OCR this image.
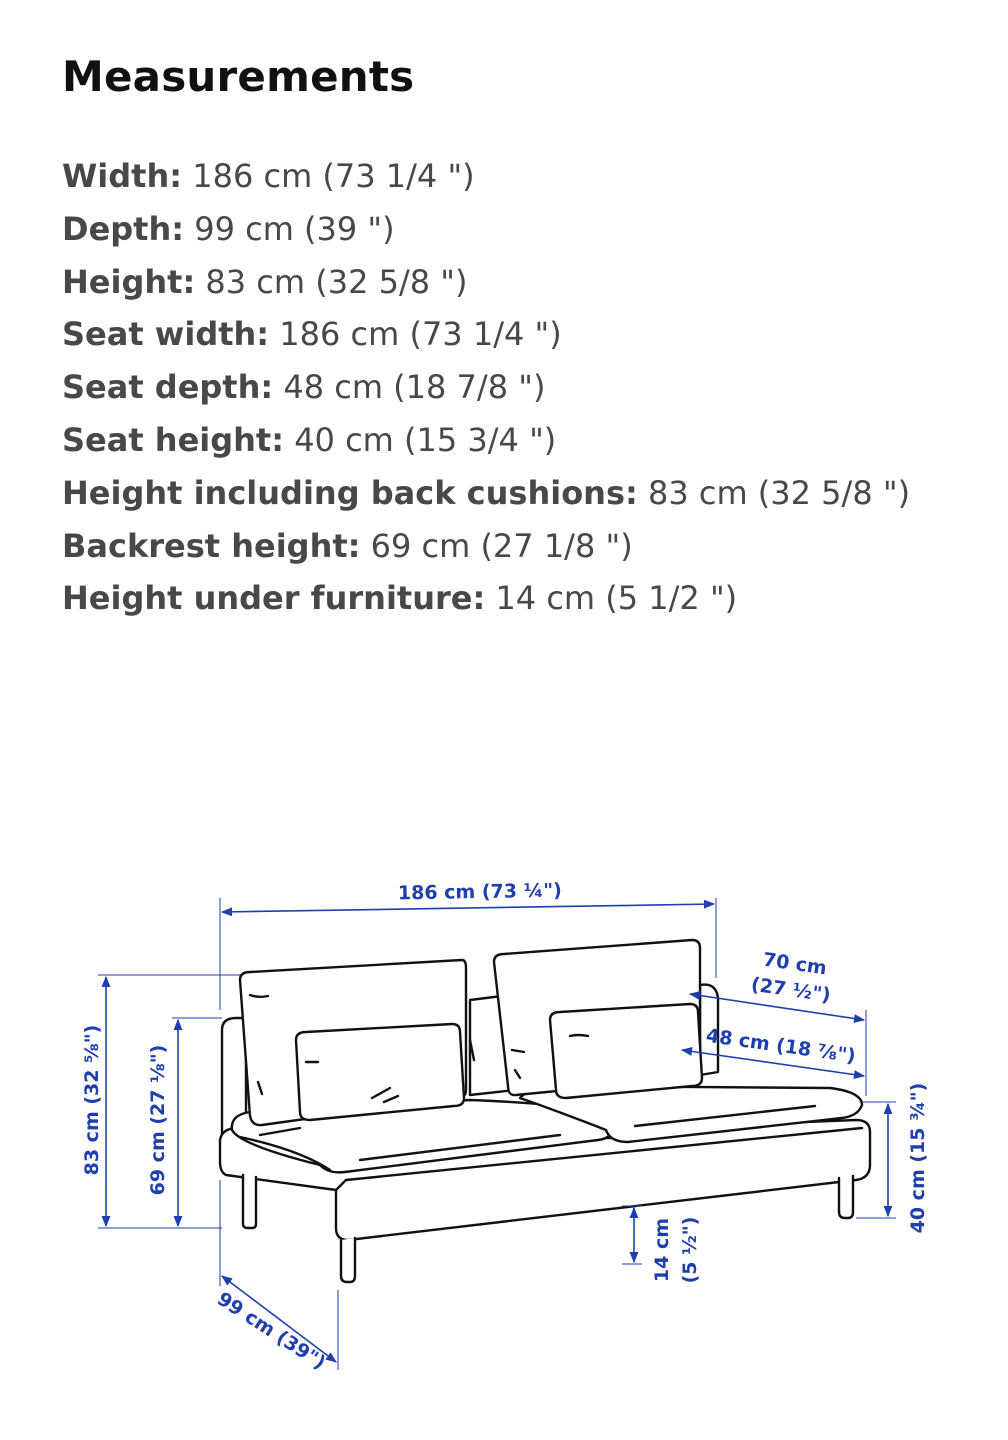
Measurements
Width: 186 cm (73 1/4 ")
Depth: 99 cm (39 ")
Height: 83 cm (32 5/8 ")
Seat width: 186 cm (73 1/4 ")
Seat depth: 48 cm (18 7/8 ")
Seat height: 40 cm (15 3/4 ")
Height including back cushions: 83 cm (32 5/8 ")
Backrest height: 69 cm (27 1/8 ")
Height under furniture: 14 cm (5 1/2 ")
186 cm (73 ¼")
83 cm (32 ⅝") 69 cm (27 ⅛")
99 cm (39")
70 cm
(27 ½")
48 cm (18 ⅞")
40 cm (15 ¾")
14 cm (5 ½")
